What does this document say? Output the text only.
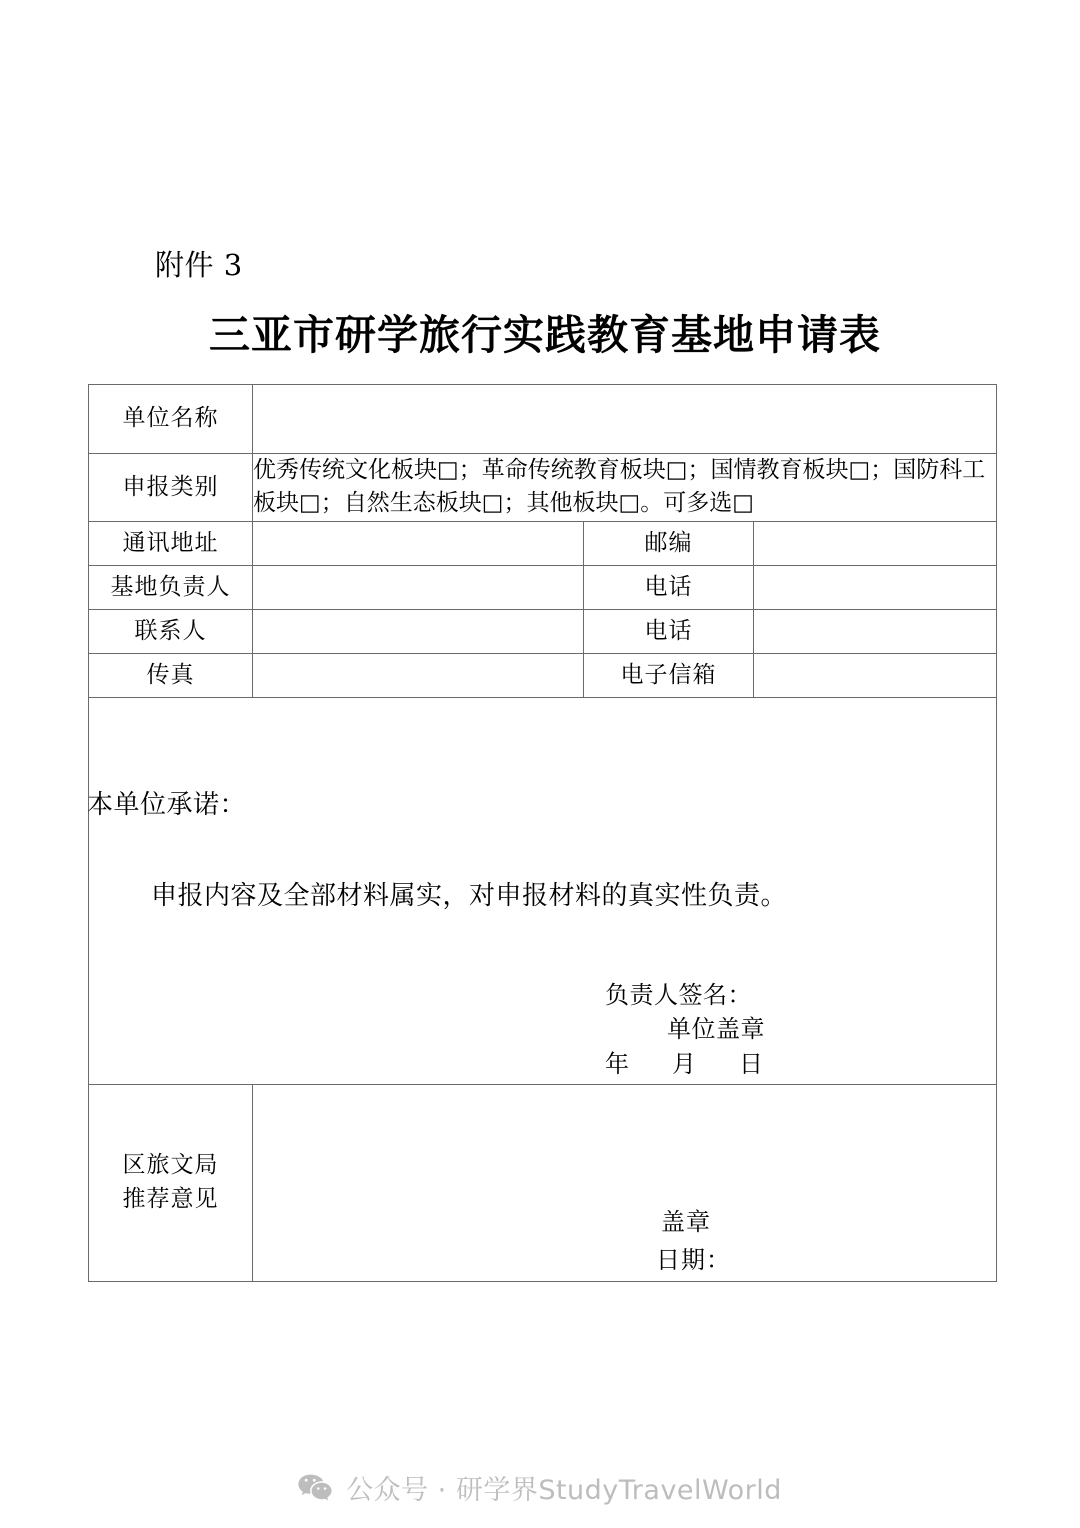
附件 3
三亚市研学旅行实践教育基地申请表
单位名称			
申报类别	优秀传统文化板块□；革命传统教育板块□；国情教育板块□；国防科工板块□；自然生态板块□；其他板块□。可多选□		
通讯地址		邮编	
基地负责人		电话	
联系人		电话	
传真		电子信箱	

本单位承诺：
申报内容及全部材料属实，对申报材料的真实性负责。
负责人签名：
单位盖章
年 月 日			

区旅文局
推荐意见

盖章
日期：
公众号 · 研学界StudyTravelWorld
